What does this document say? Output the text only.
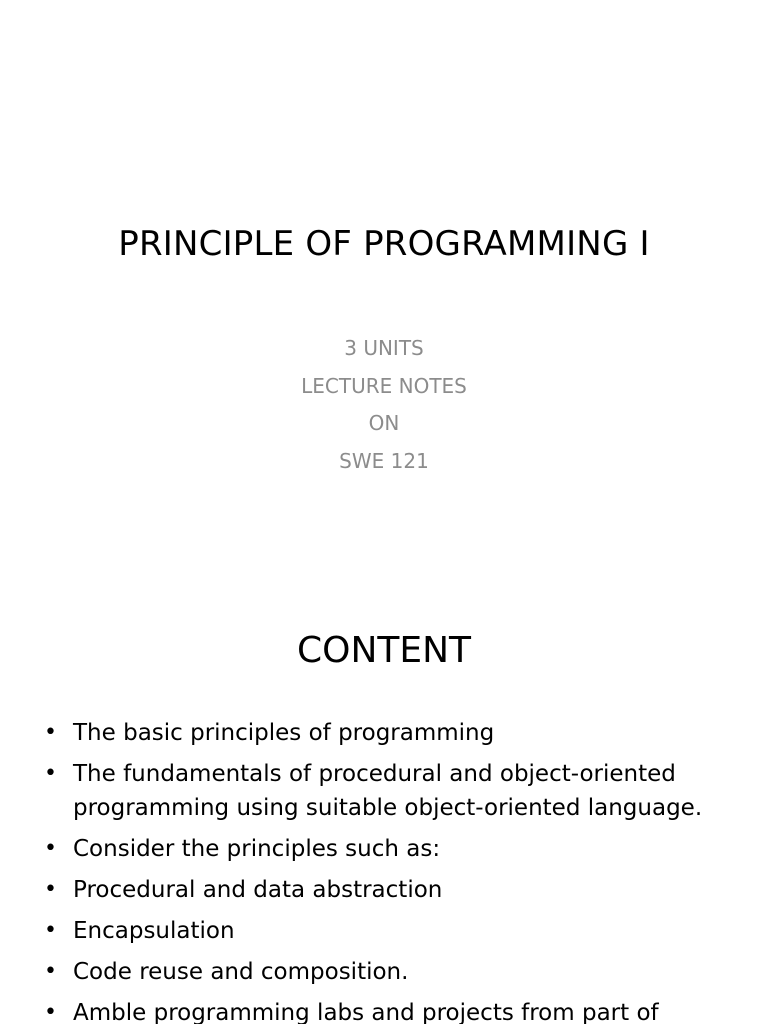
PRINCIPLE OF PROGRAMMING I
3 UNITS
LECTURE NOTES
ON
SWE 121
CONTENT
• The basic principles of programming
• The fundamentals of procedural and object-oriented programming using suitable object-oriented language.
• Consider the principles such as:
• Procedural and data abstraction
• Encapsulation
• Code reuse and composition.
• Amble programming labs and projects from part of
